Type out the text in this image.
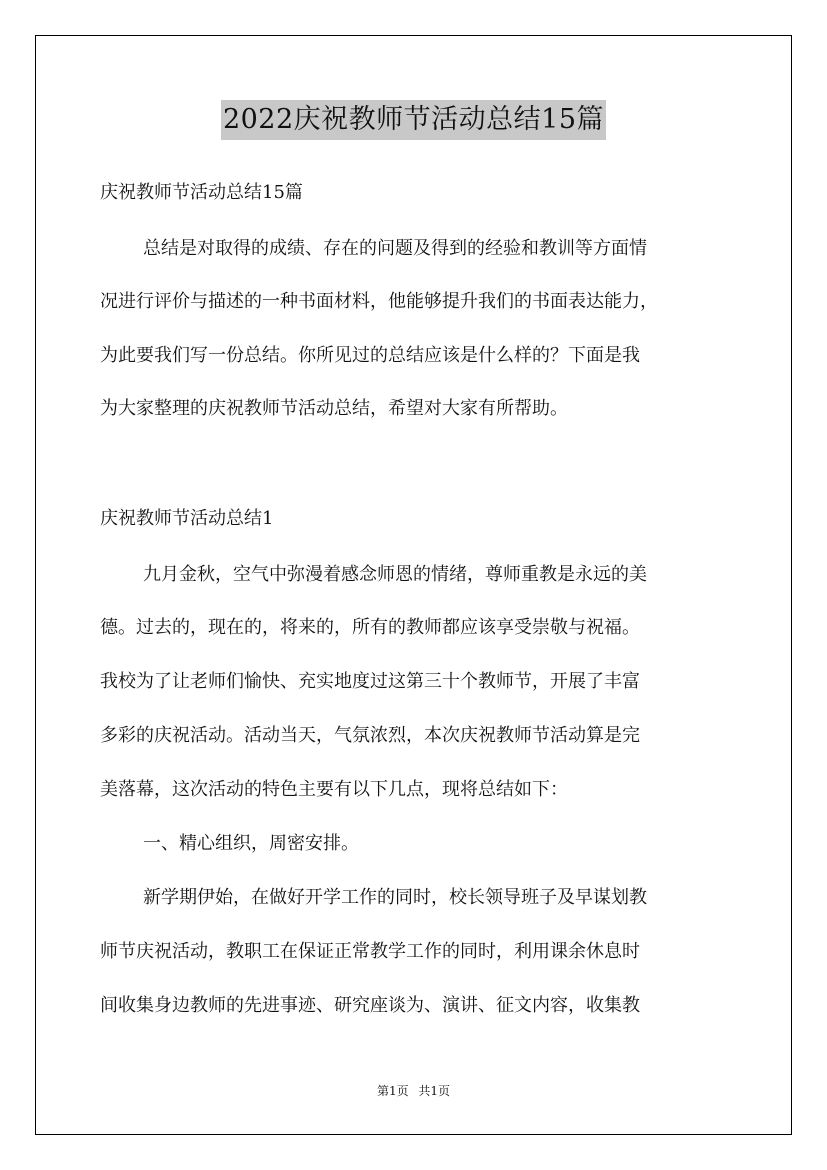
2022庆祝教师节活动总结15篇
庆祝教师节活动总结15篇
总结是对取得的成绩、存在的问题及得到的经验和教训等方面情
况进行评价与描述的一种书面材料，他能够提升我们的书面表达能力，
为此要我们写一份总结。你所见过的总结应该是什么样的？下面是我
为大家整理的庆祝教师节活动总结，希望对大家有所帮助。
庆祝教师节活动总结1
九月金秋，空气中弥漫着感念师恩的情绪，尊师重教是永远的美
德。过去的，现在的，将来的，所有的教师都应该享受崇敬与祝福。
我校为了让老师们愉快、充实地度过这第三十个教师节，开展了丰富
多彩的庆祝活动。活动当天，气氛浓烈，本次庆祝教师节活动算是完
美落幕，这次活动的特色主要有以下几点，现将总结如下：
一、精心组织，周密安排。
新学期伊始，在做好开学工作的同时，校长领导班子及早谋划教
师节庆祝活动，教职工在保证正常教学工作的同时，利用课余休息时
间收集身边教师的先进事迹、研究座谈为、演讲、征文内容，收集教
第1页 共1页
